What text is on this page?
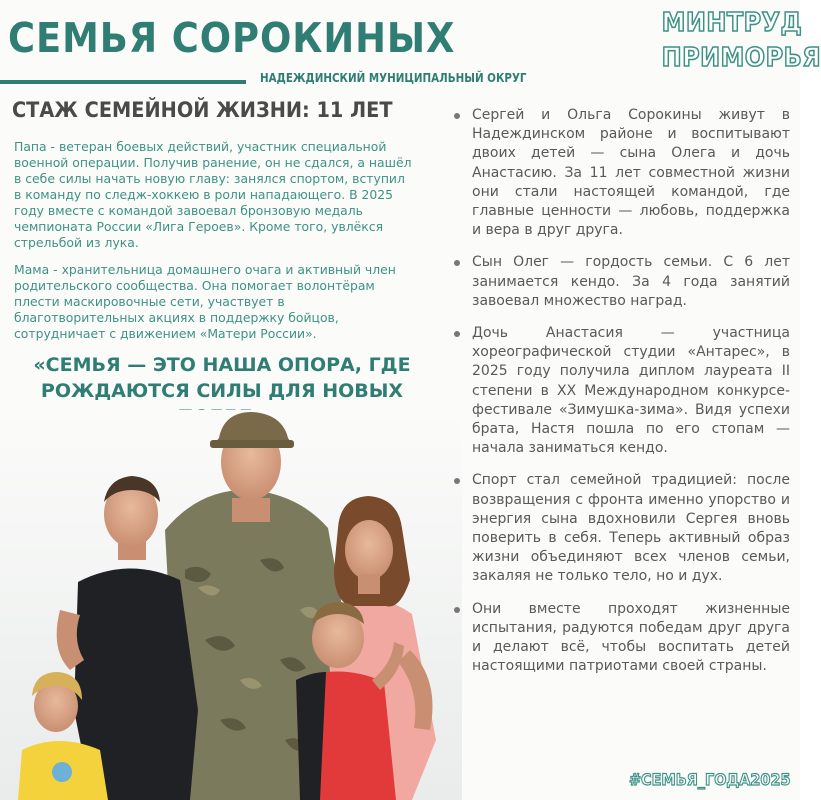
СЕМЬЯ СОРОКИНЫХ
НАДЕЖДИНСКИЙ МУНИЦИПАЛЬНЫЙ ОКРУГ
МИНТРУД
ПРИМОРЬЯ
СТАЖ СЕМЕЙНОЙ ЖИЗНИ: 11 ЛЕТ

Папа - ветеран боевых действий, участник специальной военной операции. Получив ранение, он не сдался, а нашёл в себе силы начать новую главу: занялся спортом, вступил в команду по следж-хоккею в роли нападающего. В 2025 году вместе с командой завоевал бронзовую медаль чемпионата России «Лига Героев». Кроме того, увлёкся стрельбой из лука.

Мама - хранительница домашнего очага и активный член родительского сообщества. Она помогает волонтёрам плести маскировочные сети, участвует в благотворительных акциях в поддержку бойцов, сотрудничает с движением «Матери России».

«СЕМЬЯ — ЭТО НАША ОПОРА, ГДЕ РОЖДАЮТСЯ СИЛЫ ДЛЯ НОВЫХ

Сергей и Ольга Сорокины живут в Надеждинском районе и воспитывают двоих детей — сына Олега и дочь Анастасию. За 11 лет совместной жизни они стали настоящей командой, где главные ценности — любовь, поддержка и вера в друг друга.
Сын Олег — гордость семьи. С 6 лет занимается кендо. За 4 года занятий завоевал множество наград.
Дочь Анастасия — участница хореографической студии «Антарес», в 2025 году получила диплом лауреата II степени в XX Международном конкурсе-фестивале «Зимушка-зима». Видя успехи брата, Настя пошла по его стопам — начала заниматься кендо.
Спорт стал семейной традицией: после возвращения с фронта именно упорство и энергия сына вдохновили Сергея вновь поверить в себя. Теперь активный образ жизни объединяют всех членов семьи, закаляя не только тело, но и дух.
Они вместе проходят жизненные испытания, радуются победам друг друга и делают всё, чтобы воспитать детей настоящими патриотами своей страны.
#СЕМЬЯ_ГОДА2025
